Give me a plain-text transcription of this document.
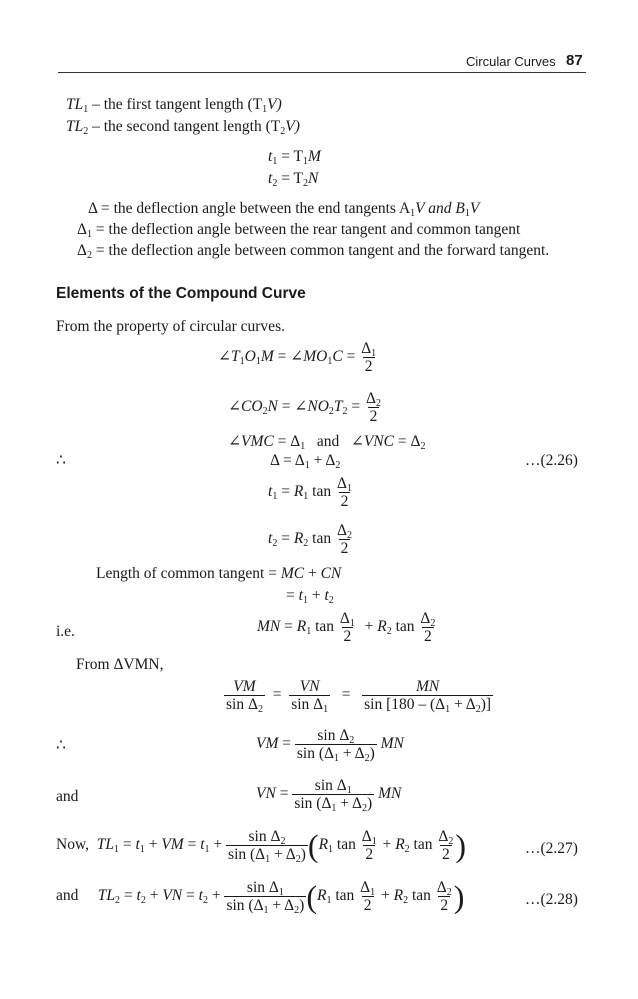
Circular Curves 87
$TL_1$ – the first tangent length $(T_1V)$
$TL_2$ – the second tangent length $(T_2V)$
$t_1 = T_1M$
$t_2 = T_2N$
Δ = the deflection angle between the end tangents $A_1V$ and $B_1V$
$\Delta_1$ = the deflection angle between the rear tangent and common tangent
$\Delta_2$ = the deflection angle between common tangent and the forward tangent.
Elements of the Compound Curve
From the property of circular curves.
$\angle T_1O_1M$ = $\angle MO_1C = \frac{\Delta_1}{2}$
$\angle CO_2N$ = $\angle NO_2T_2 = \frac{\Delta_2}{2}$
∠VMC = $\Delta_1$   and   ∠VNC = $\Delta_2$
∴	$\Delta = \Delta_1 + \Delta_2$	…(2.26)
$t_1 = R_1$ $\tan \frac{\Delta_1}{2}$
$t_2 = R_2$ $\tan \frac{\Delta_2}{2}$
Length of common tangent = MC + CN
= $t_1 + t_2$
i.e.	MN = $R_1$ $\tan \frac{\Delta_1}{2} + R_2$ $\tan \frac{\Delta_2}{2}$
From ΔVMN,
$\frac{VM}{\sin \Delta_2} = \frac{VN}{\sin \Delta_1} = \frac{MN}{\sin [180 - (\Delta_1 + \Delta_2)]}$
∴	VM = $\frac{\sin \Delta_2}{\sin (\Delta_1 + \Delta_2)}$ MN
and	VN = $\frac{\sin \Delta_1}{\sin (\Delta_1 + \Delta_2)}$ MN
Now, $TL_1 = t_1$ + VM = $t_1 + \frac{\sin \Delta_2}{\sin (\Delta_1 + \Delta_2)} (R_1$ $\tan \frac{\Delta_1}{2} + R_2$ $\tan \frac{\Delta_2}{2}$ )	…(2.27)
and $TL_2 = t_2$ + VN = $t_2 + \frac{\sin \Delta_1}{\sin (\Delta_1 + \Delta_2)} (R_1$ $\tan \frac{\Delta_1}{2} + R_2$ $\tan \frac{\Delta_2}{2}$ )	…(2.28)
